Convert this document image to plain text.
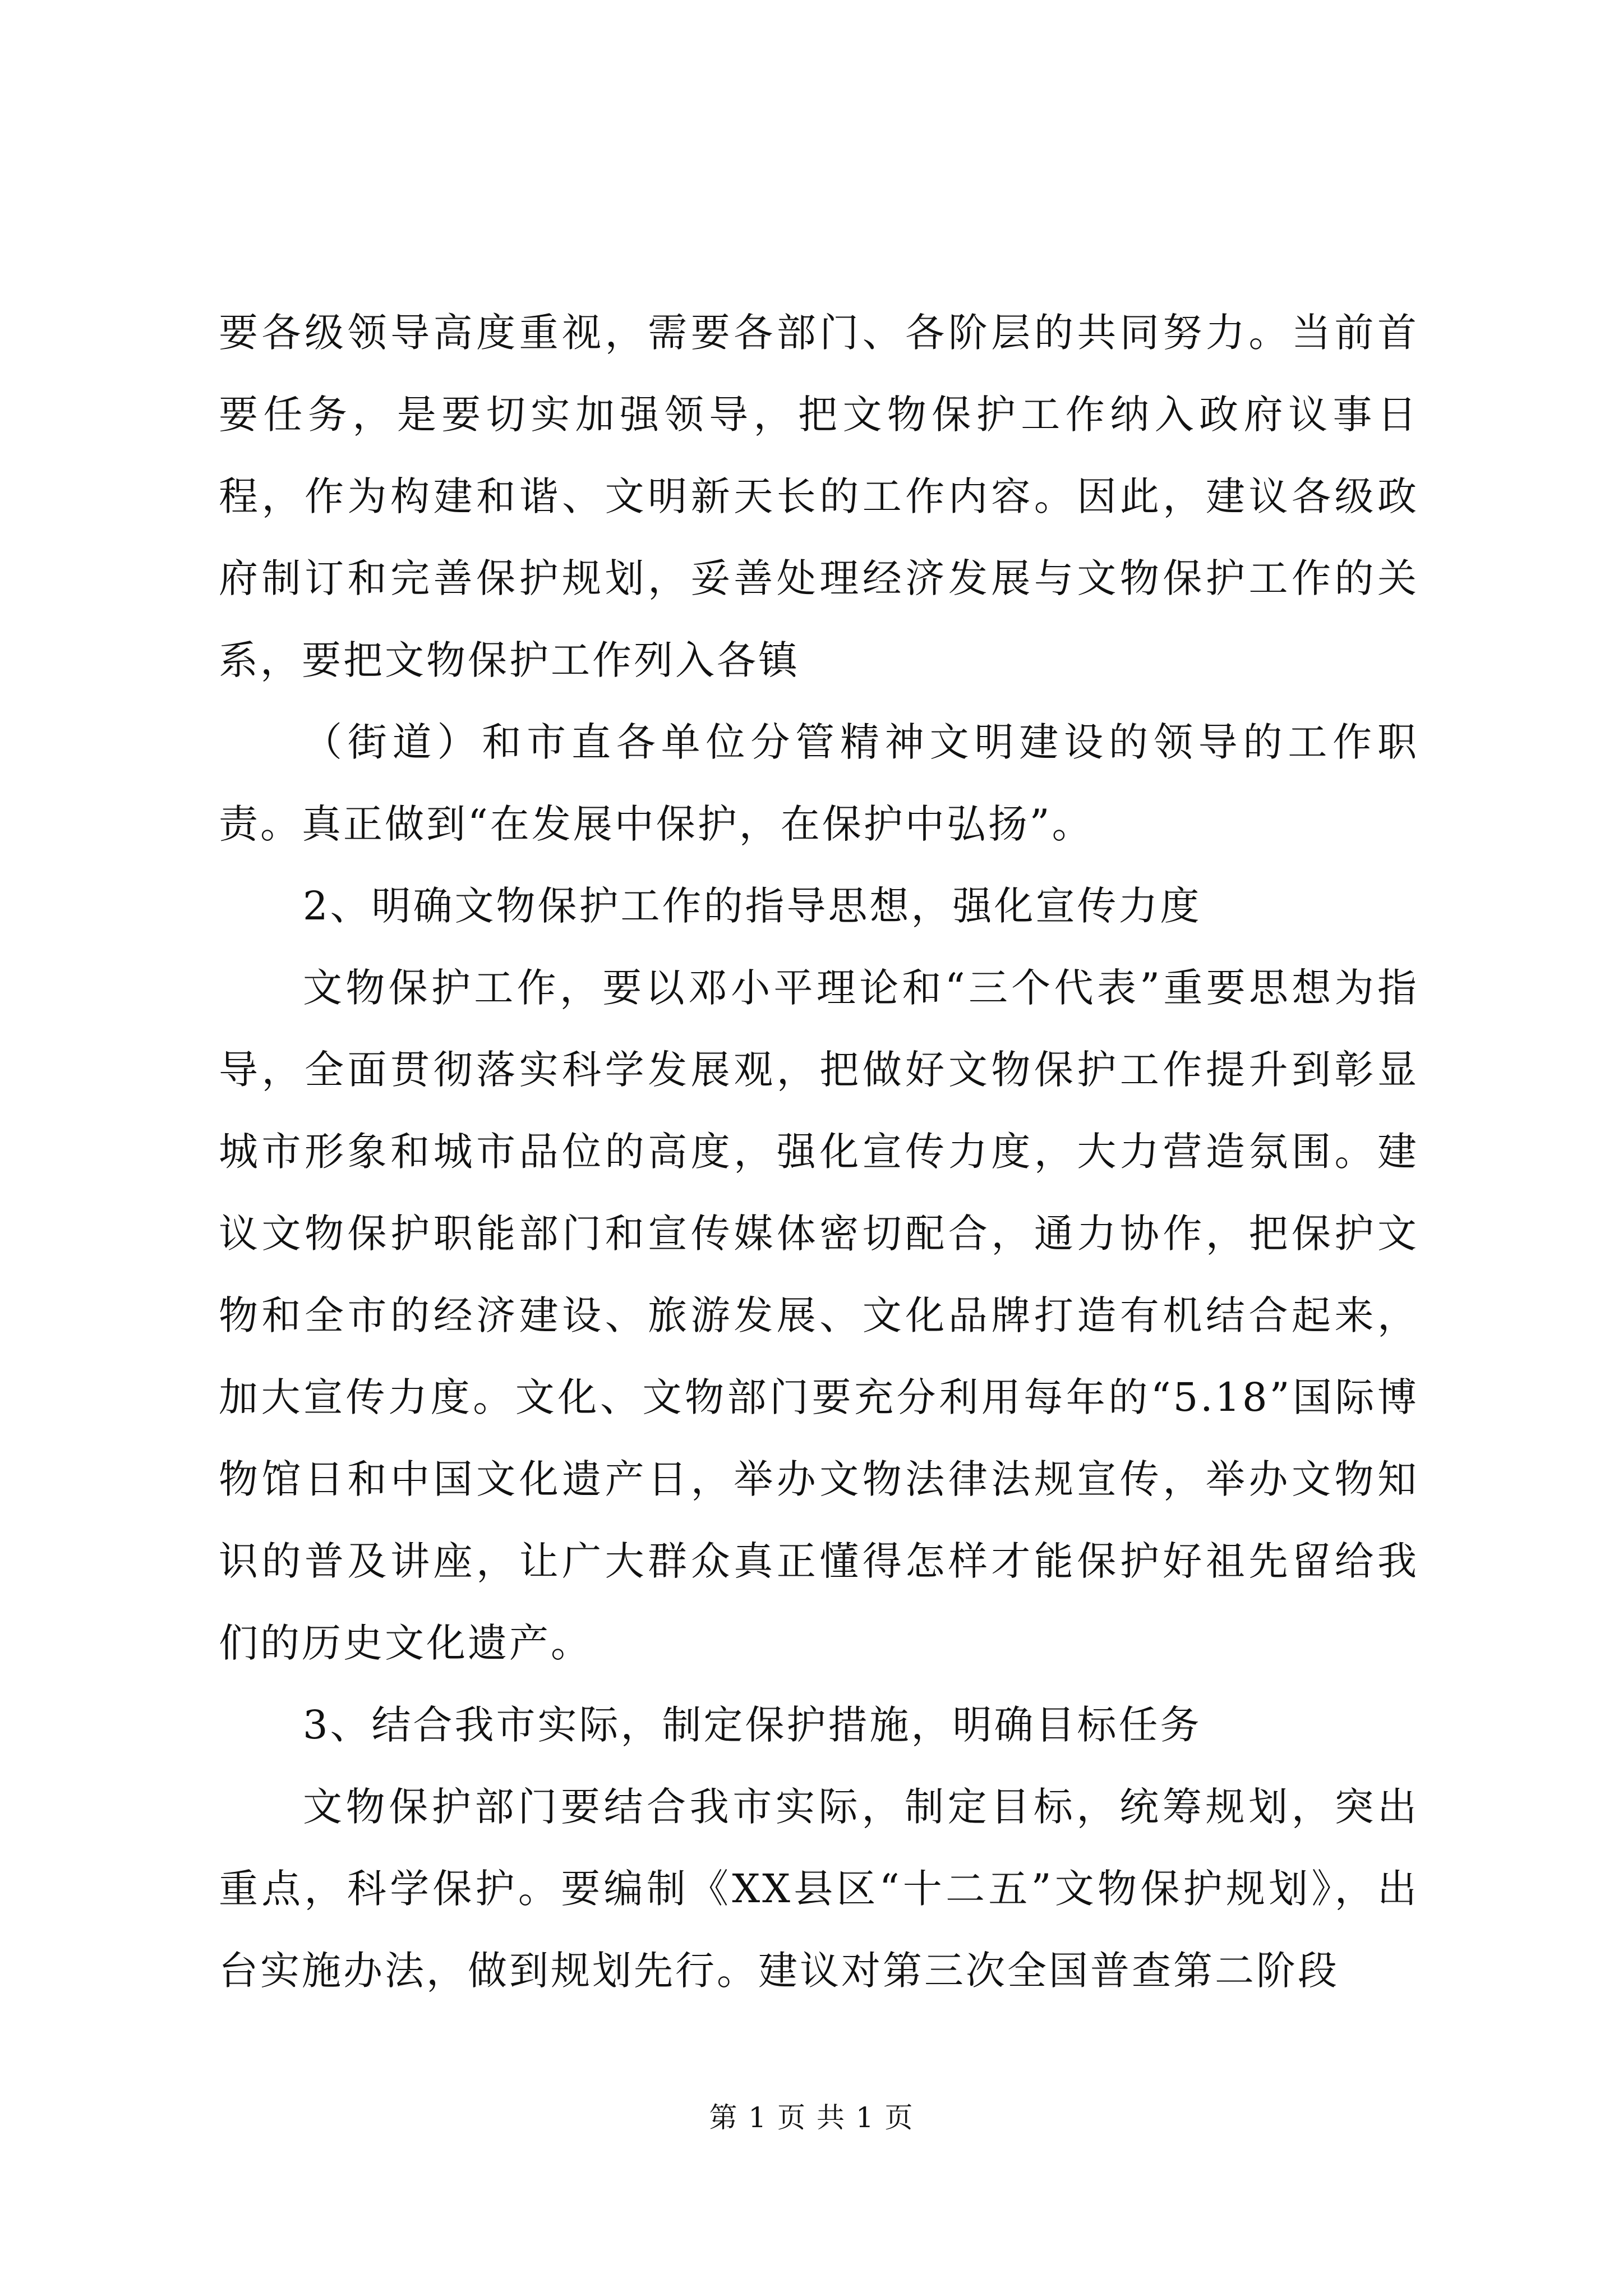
要各级领导高度重视，需要各部门、各阶层的共同努力。当前首要任务，是要切实加强领导，把文物保护工作纳入政府议事日程，作为构建和谐、文明新天长的工作内容。因此，建议各级政府制订和完善保护规划，妥善处理经济发展与文物保护工作的关系，要把文物保护工作列入各镇

（街道）和市直各单位分管精神文明建设的领导的工作职责。真正做到“在发展中保护，在保护中弘扬”。

2、明确文物保护工作的指导思想，强化宣传力度

文物保护工作，要以邓小平理论和“三个代表”重要思想为指导，全面贯彻落实科学发展观，把做好文物保护工作提升到彰显城市形象和城市品位的高度，强化宣传力度，大力营造氛围。建议文物保护职能部门和宣传媒体密切配合，通力协作，把保护文物和全市的经济建设、旅游发展、文化品牌打造有机结合起来，加大宣传力度。文化、文物部门要充分利用每年的“5.18”国际博物馆日和中国文化遗产日，举办文物法律法规宣传，举办文物知识的普及讲座，让广大群众真正懂得怎样才能保护好祖先留给我们的历史文化遗产。

3、结合我市实际，制定保护措施，明确目标任务

文物保护部门要结合我市实际，制定目标，统筹规划，突出重点，科学保护。要编制《XX县区“十二五”文物保护规划》，出台实施办法，做到规划先行。建议对第三次全国普查第二阶段

第 1 页 共 1 页
